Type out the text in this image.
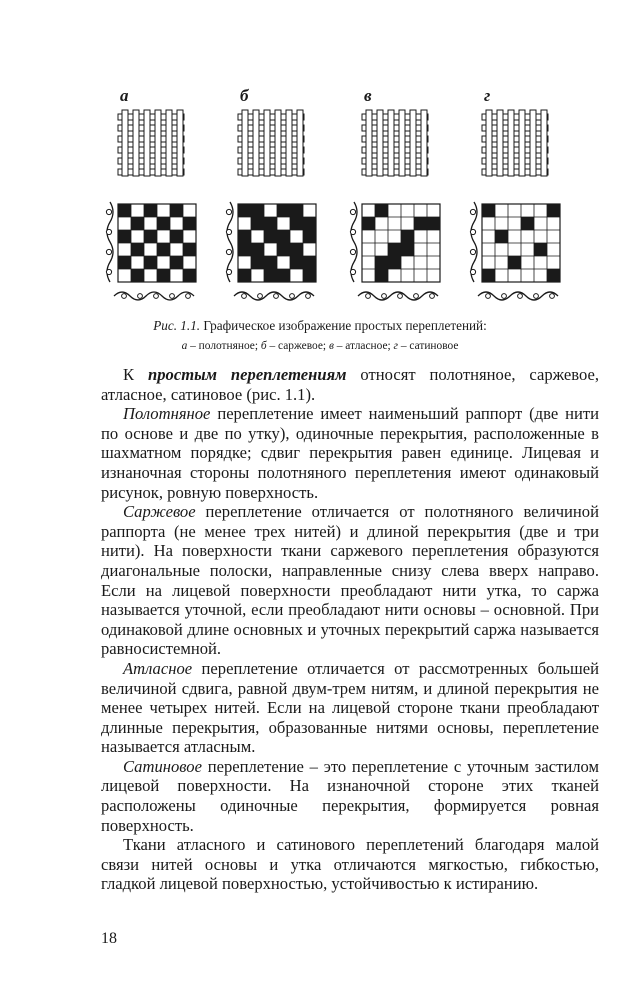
а	б	в	г
Рис. 1.1. Графическое изображение простых переплетений:
а – полотняное; б – саржевое; в – атласное; г – сатиновое

К простым переплетениям относят полотняное, саржевое, атласное, сатиновое (рис. 1.1).

Полотняное переплетение имеет наименьший раппорт (две нити по основе и две по утку), одиночные перекрытия, расположенные в шахматном порядке; сдвиг перекрытия равен единице. Лицевая и изнаночная стороны полотняного переплетения имеют одинаковый рисунок, ровную поверхность.

Саржевое переплетение отличается от полотняного величиной раппорта (не менее трех нитей) и длиной перекрытия (две и три нити). На поверхности ткани саржевого переплетения образуются диагональные полоски, направленные снизу слева вверх направо. Если на лицевой поверхности преобладают нити утка, то саржа называется уточной, если преобладают нити основы – основной. При одинаковой длине основных и уточных перекрытий саржа называется равносистемной.

Атласное переплетение отличается от рассмотренных большей величиной сдвига, равной двум-трем нитям, и длиной перекрытия не менее четырех нитей. Если на лицевой стороне ткани преобладают длинные перекрытия, образованные нитями основы, переплетение называется атласным.

Сатиновое переплетение – это переплетение с уточным застилом лицевой поверхности. На изнаночной стороне этих тканей расположены одиночные перекрытия, формируется ровная поверхность.

Ткани атласного и сатинового переплетений благодаря малой связи нитей основы и утка отличаются мягкостью, гибкостью, гладкой лицевой поверхностью, устойчивостью к истиранию.

18
